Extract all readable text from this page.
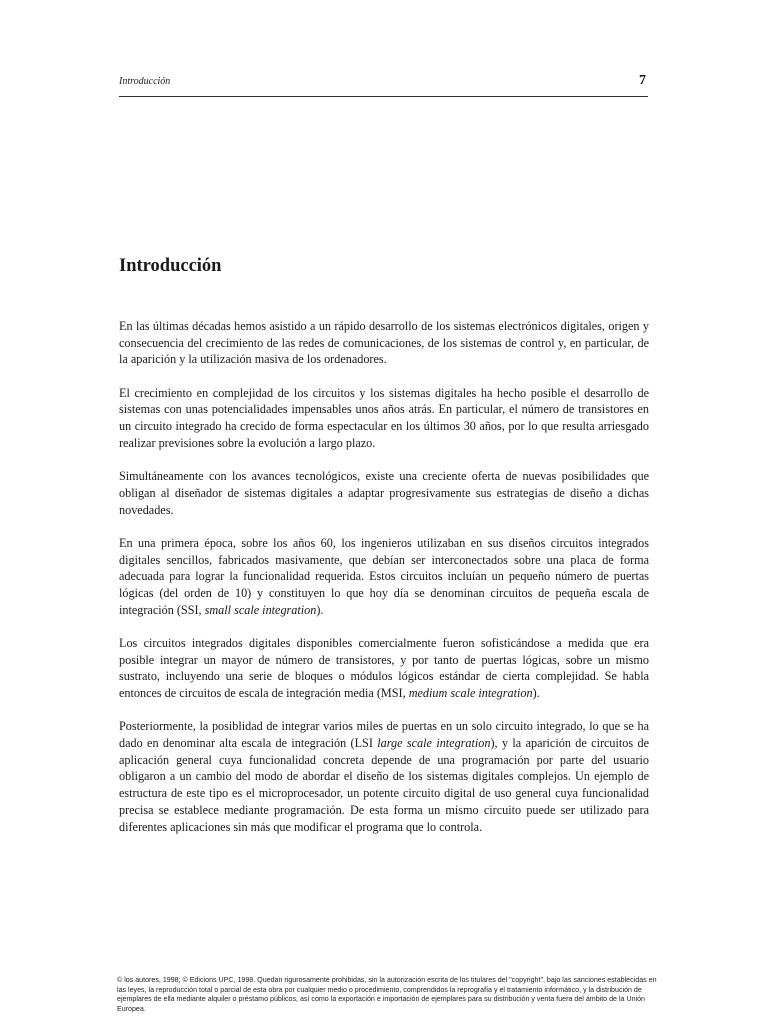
Introducción	7
Introducción

En las últimas décadas hemos asistido a un rápido desarrollo de los sistemas electrónicos digitales, origen y consecuencia del crecimiento de las redes de comunicaciones, de los sistemas de control y, en particular, de la aparición y la utilización masiva de los ordenadores.

El crecimiento en complejidad de los circuitos y los sistemas digitales ha hecho posible el desarrollo de sistemas con unas potencialidades impensables unos años atrás. En particular, el número de transistores en un circuito integrado ha crecido de forma espectacular en los últimos 30 años, por lo que resulta arriesgado realizar previsiones sobre la evolución a largo plazo.

Simultáneamente con los avances tecnológicos, existe una creciente oferta de nuevas posibilidades que obligan al diseñador de sistemas digitales a adaptar progresivamente sus estrategias de diseño a dichas novedades.

En una primera época, sobre los años 60, los ingenieros utilizaban en sus diseños circuitos integrados digitales sencillos, fabricados masivamente, que debían ser interconectados sobre una placa de forma adecuada para lograr la funcionalidad requerida. Estos circuitos incluían un pequeño número de puertas lógicas (del orden de 10) y constituyen lo que hoy día se denominan circuitos de pequeña escala de integración (SSI, small scale integration).

Los circuitos integrados digitales disponibles comercialmente fueron sofisticándose a medida que era posible integrar un mayor de número de transistores, y por tanto de puertas lógicas, sobre un mismo sustrato, incluyendo una serie de bloques o módulos lógicos estándar de cierta complejidad. Se habla entonces de circuitos de escala de integración media (MSI, medium scale integration).

Posteriormente, la posiblidad de integrar varios miles de puertas en un solo circuito integrado, lo que se ha dado en denominar alta escala de integración (LSI large scale integration), y la aparición de circuitos de aplicación general cuya funcionalidad concreta depende de una programación por parte del usuario obligaron a un cambio del modo de abordar el diseño de los sistemas digitales complejos. Un ejemplo de estructura de este tipo es el microprocesador, un potente circuito digital de uso general cuya funcionalidad precisa se establece mediante programación. De esta forma un mismo circuito puede ser utilizado para diferentes aplicaciones sin más que modificar el programa que lo controla.

© los autores, 1998; © Edicions UPC, 1998. Quedan rigurosamente prohibidas, sin la autorización escrita de los titulares del "copyright", bajo las sanciones establecidas en las leyes, la reproducción total o parcial de esta obra por cualquier medio o procedimiento, comprendidos la reprografía y el tratamiento informático, y la distribución de ejemplares de ella mediante alquiler o préstamo públicos, así como la exportación e importación de ejemplares para su distribución y venta fuera del ámbito de la Unión Europea.
